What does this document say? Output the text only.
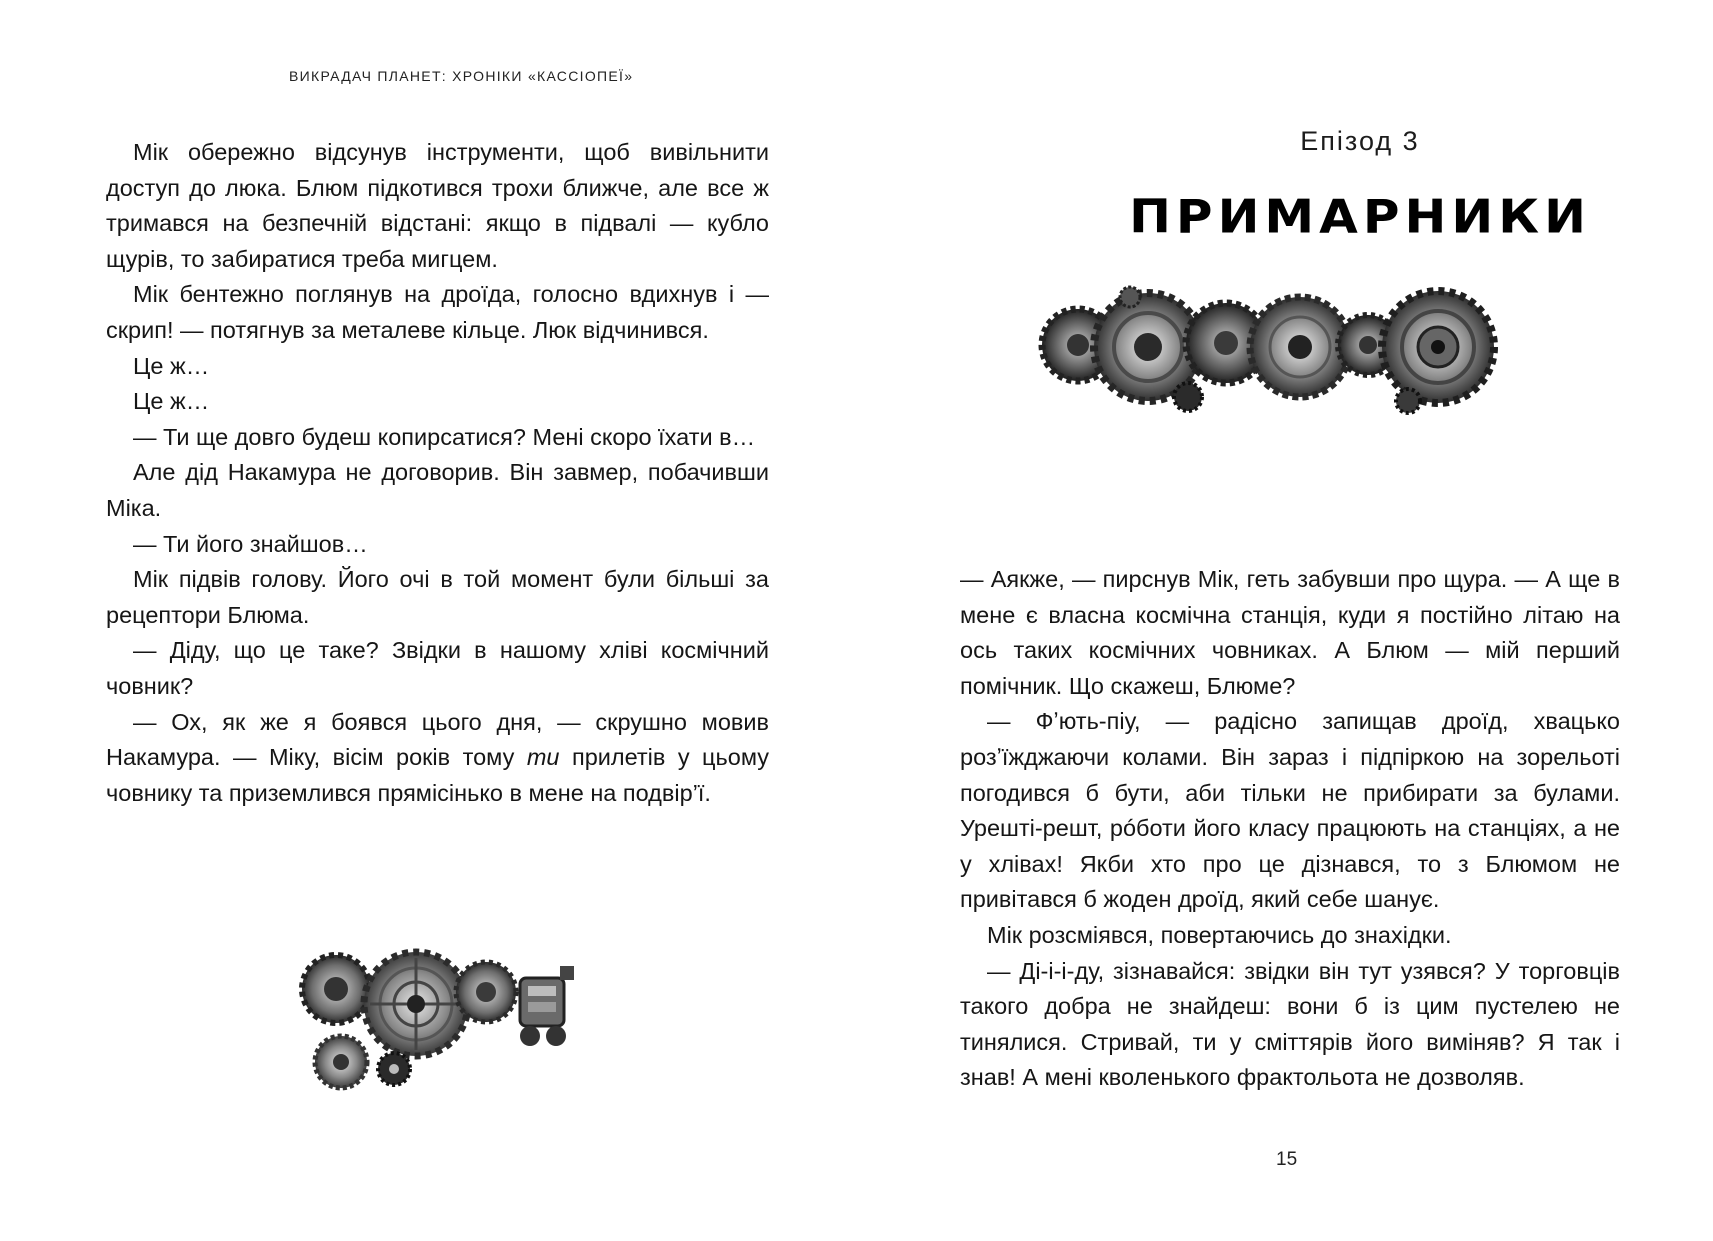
ВИКРАДАЧ ПЛАНЕТ: ХРОНІКИ «КАССІОПЕЇ»

Мік обережно відсунув інструменти, щоб вивільнити доступ до люка. Блюм підкотився трохи ближче, але все ж тримався на безпечній відстані: якщо в підвалі — кубло щурів, то забиратися треба мигцем.

Мік бентежно поглянув на дроїда, голосно вдихнув і — скрип! — потягнув за металеве кільце. Люк відчинився.

Це ж…

Це ж…

— Ти ще довго будеш копирсатися? Мені скоро їхати в…

Але дід Накамура не договорив. Він завмер, побачивши Міка.

— Ти його знайшов…

Мік підвів голову. Його очі в той момент були більші за рецептори Блюма.

— Діду, що це таке? Звідки в нашому хліві космічний човник?

— Ох, як же я боявся цього дня, — скрушно мовив Накамура. — Міку, вісім років тому ти прилетів у цьому човнику та приземлився прямісінько в мене на подвір’ї.

Епізод 3
ПРИМАРНИКИ

— Аякже, — пирснув Мік, геть забувши про щура. — А ще в мене є власна космічна станція, куди я постійно літаю на ось таких космічних човниках. А Блюм — мій перший помічник. Що скажеш, Блюме?

— Фʼють-піу, — радісно запищав дроїд, хвацько розʼїжджаючи колами. Він зараз і підпіркою на зорельоті погодився б бути, аби тільки не прибирати за булами. Урешті-решт, рóботи його класу працюють на станціях, а не у хлівах! Якби хто про це дізнався, то з Блюмом не привітався б жоден дроїд, який себе шанує.

Мік розсміявся, повертаючись до знахідки.

— Ді-і-і-ду, зізнавайся: звідки він тут узявся? У торговців такого добра не знайдеш: вони б із цим пустелею не тинялися. Стривай, ти у сміттярів його виміняв? Я так і знав! А мені кволенького фрактольота не дозволяв.

15
